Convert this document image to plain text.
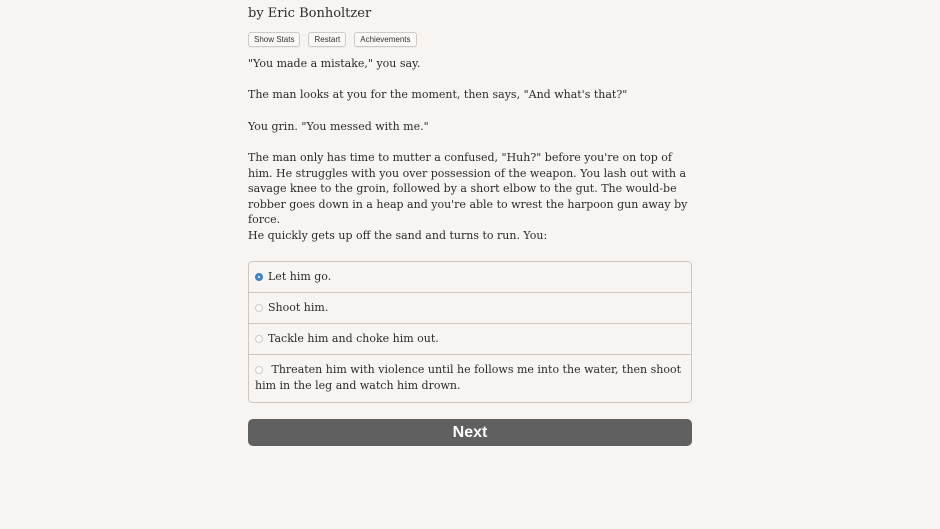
by Eric Bonholtzer
Show Stats	Restart	Achievements

"You made a mistake," you say.

The man looks at you for the moment, then says, "And what's that?"

You grin. "You messed with me."

The man only has time to mutter a confused, "Huh?" before you're on top of him. He struggles with you over possession of the weapon. You lash out with a savage knee to the groin, followed by a short elbow to the gut. The would-be robber goes down in a heap and you're able to wrest the harpoon gun away by force.

He quickly gets up off the sand and turns to run. You:

Let him go.
Shoot him.
Tackle him and choke him out.
Threaten him with violence until he follows me into the water, then shoot him in the leg and watch him drown.
Next
